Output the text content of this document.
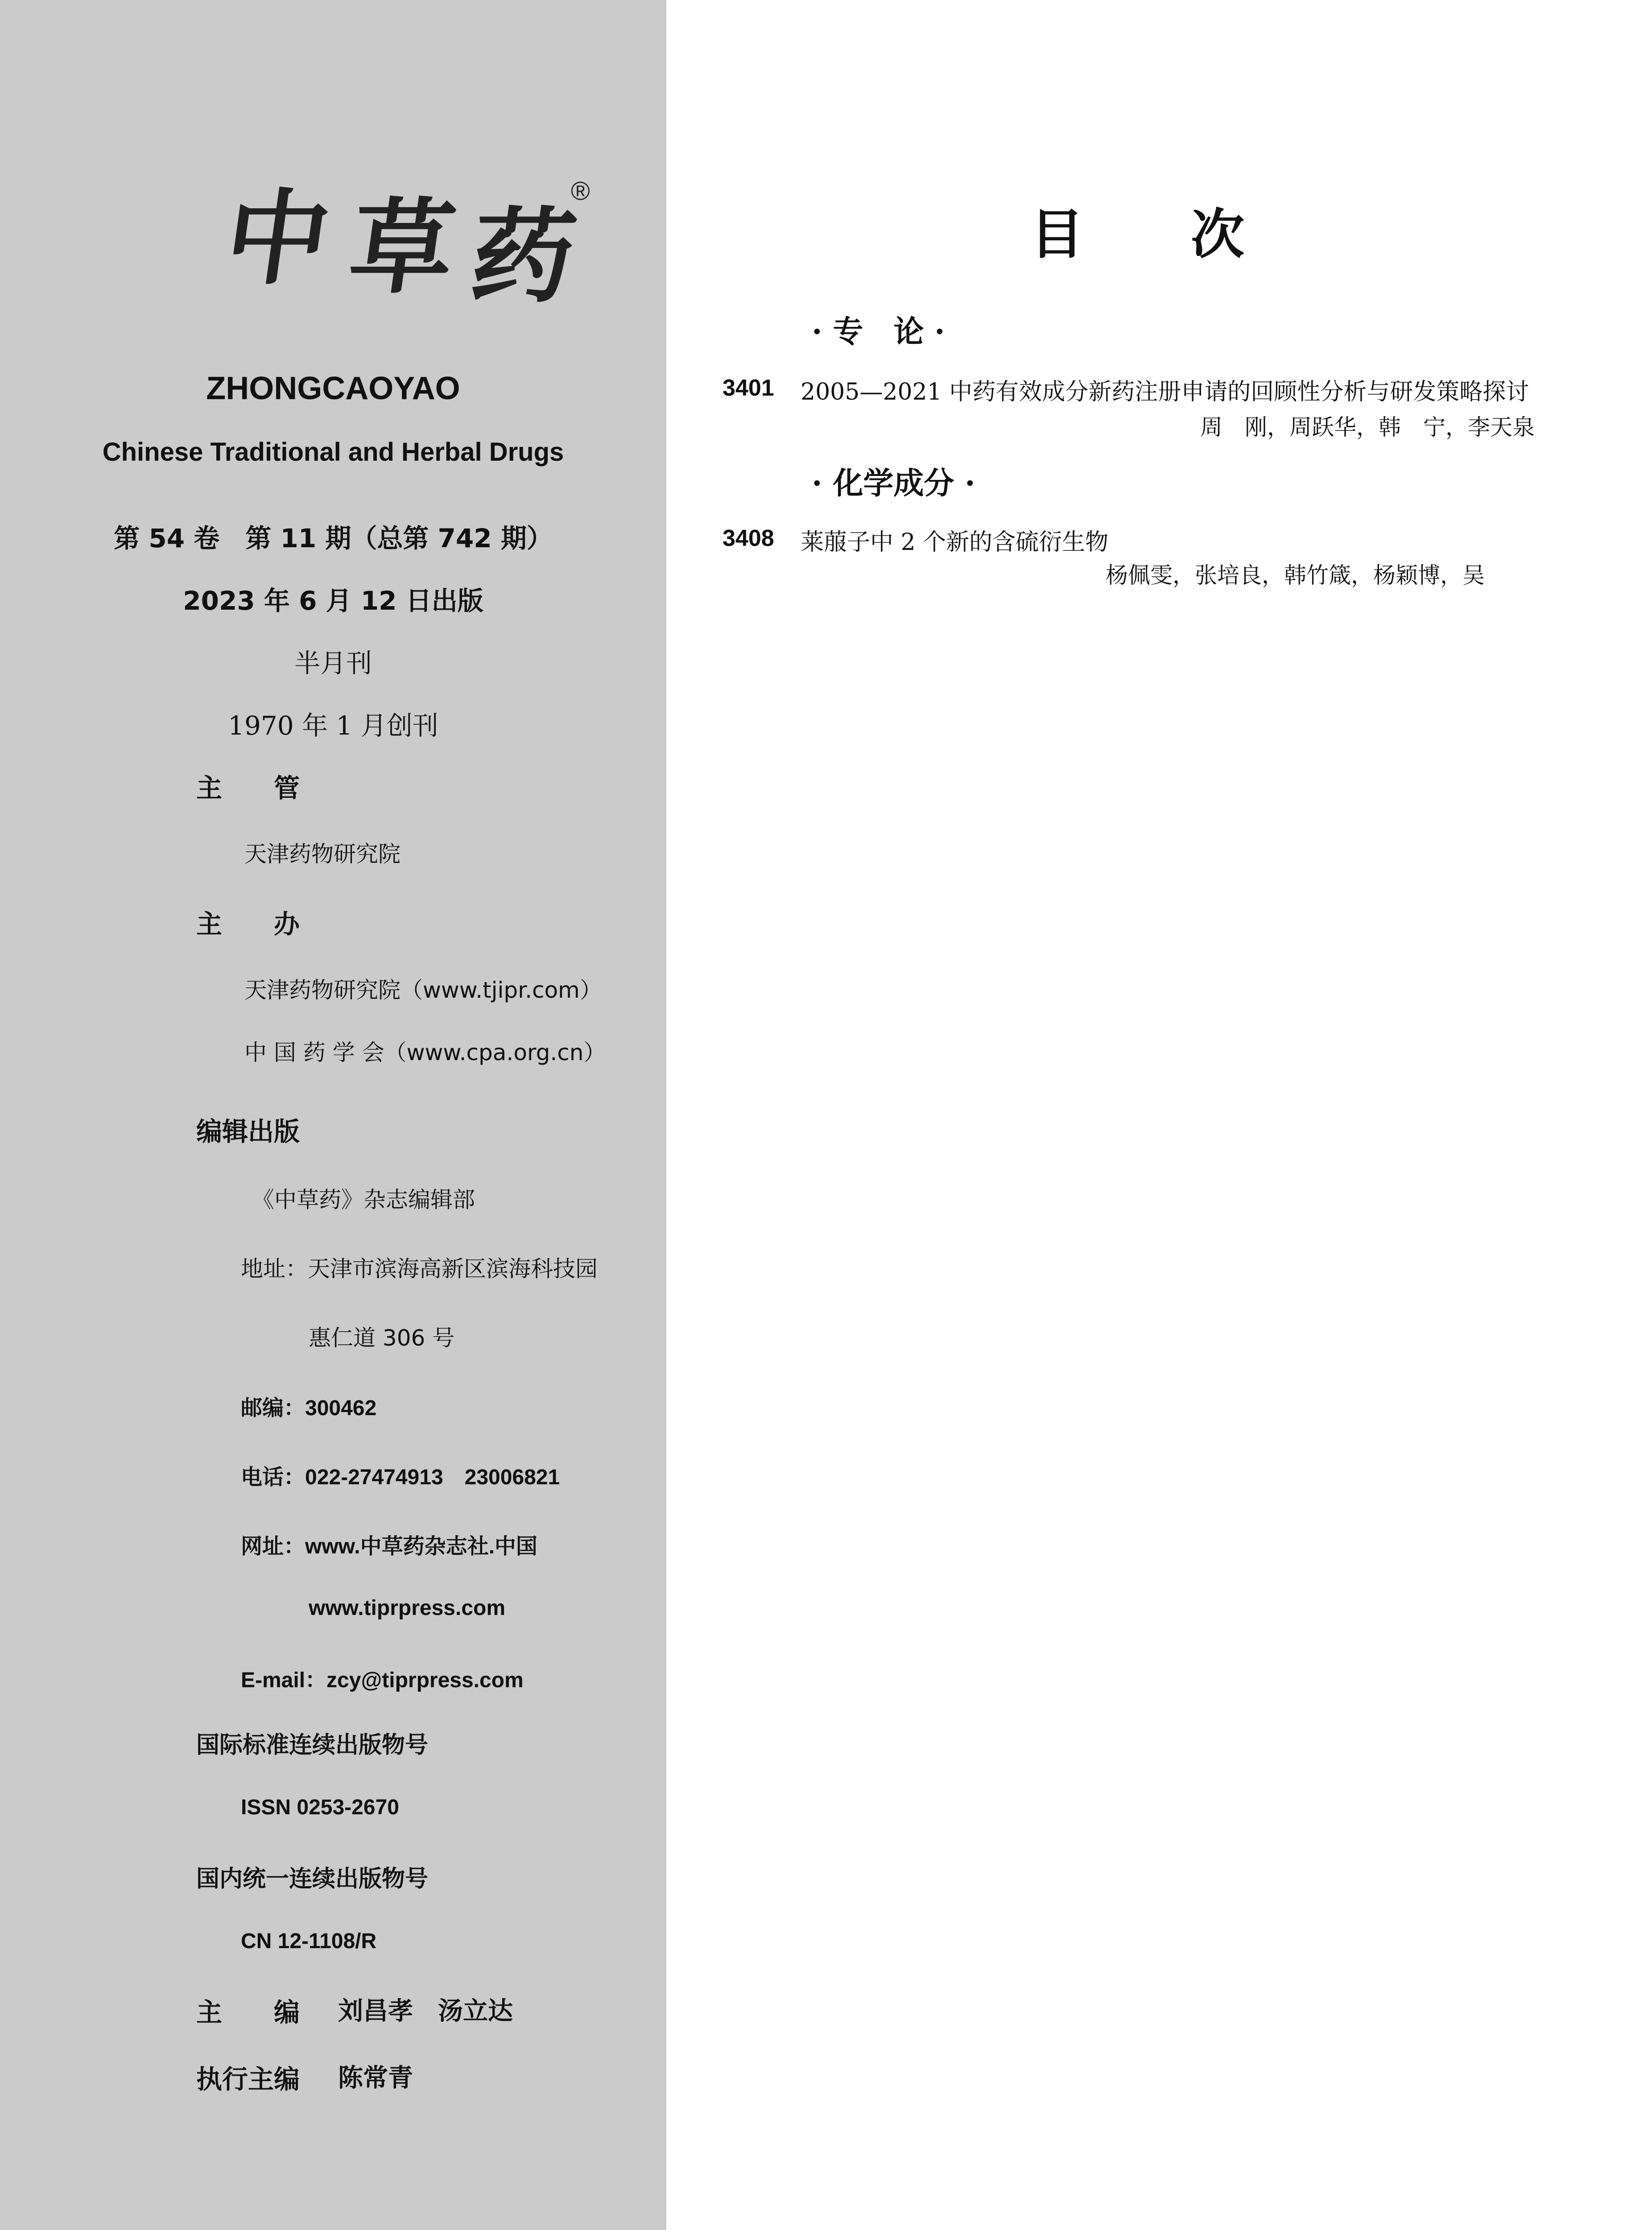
中 草 药
®
ZHONGCAOYAO
Chinese Traditional and Herbal Drugs
第 54 卷　第 11 期（总第 742 期）
2023 年 6 月 12 日出版
半月刊
1970 年 1 月创刊
主　　管
天津药物研究院
主　　办
天津药物研究院（www.tjipr.com）
中 国 药 学 会（www.cpa.org.cn）
编辑出版
《中草药》杂志编辑部
地址：天津市滨海高新区滨海科技园
惠仁道 306 号
邮编：300462
电话：022-27474913　23006821
网址：www.中草药杂志社.中国
www.tiprpress.com
E-mail：zcy@tiprpress.com
国际标准连续出版物号
ISSN 0253-2670
国内统一连续出版物号
CN 12-1108/R
主　　编 刘昌孝　汤立达
执行主编 陈常青
目　　次
· 专　论 ·
3401 2005—2021 中药有效成分新药注册申请的回顾性分析与研发策略探讨
周　刚，周跃华，韩　宁，李天泉
· 化学成分 ·
3408 莱菔子中 2 个新的含硫衍生物
杨佩雯，张培良，韩竹箴，杨颖博，吴
